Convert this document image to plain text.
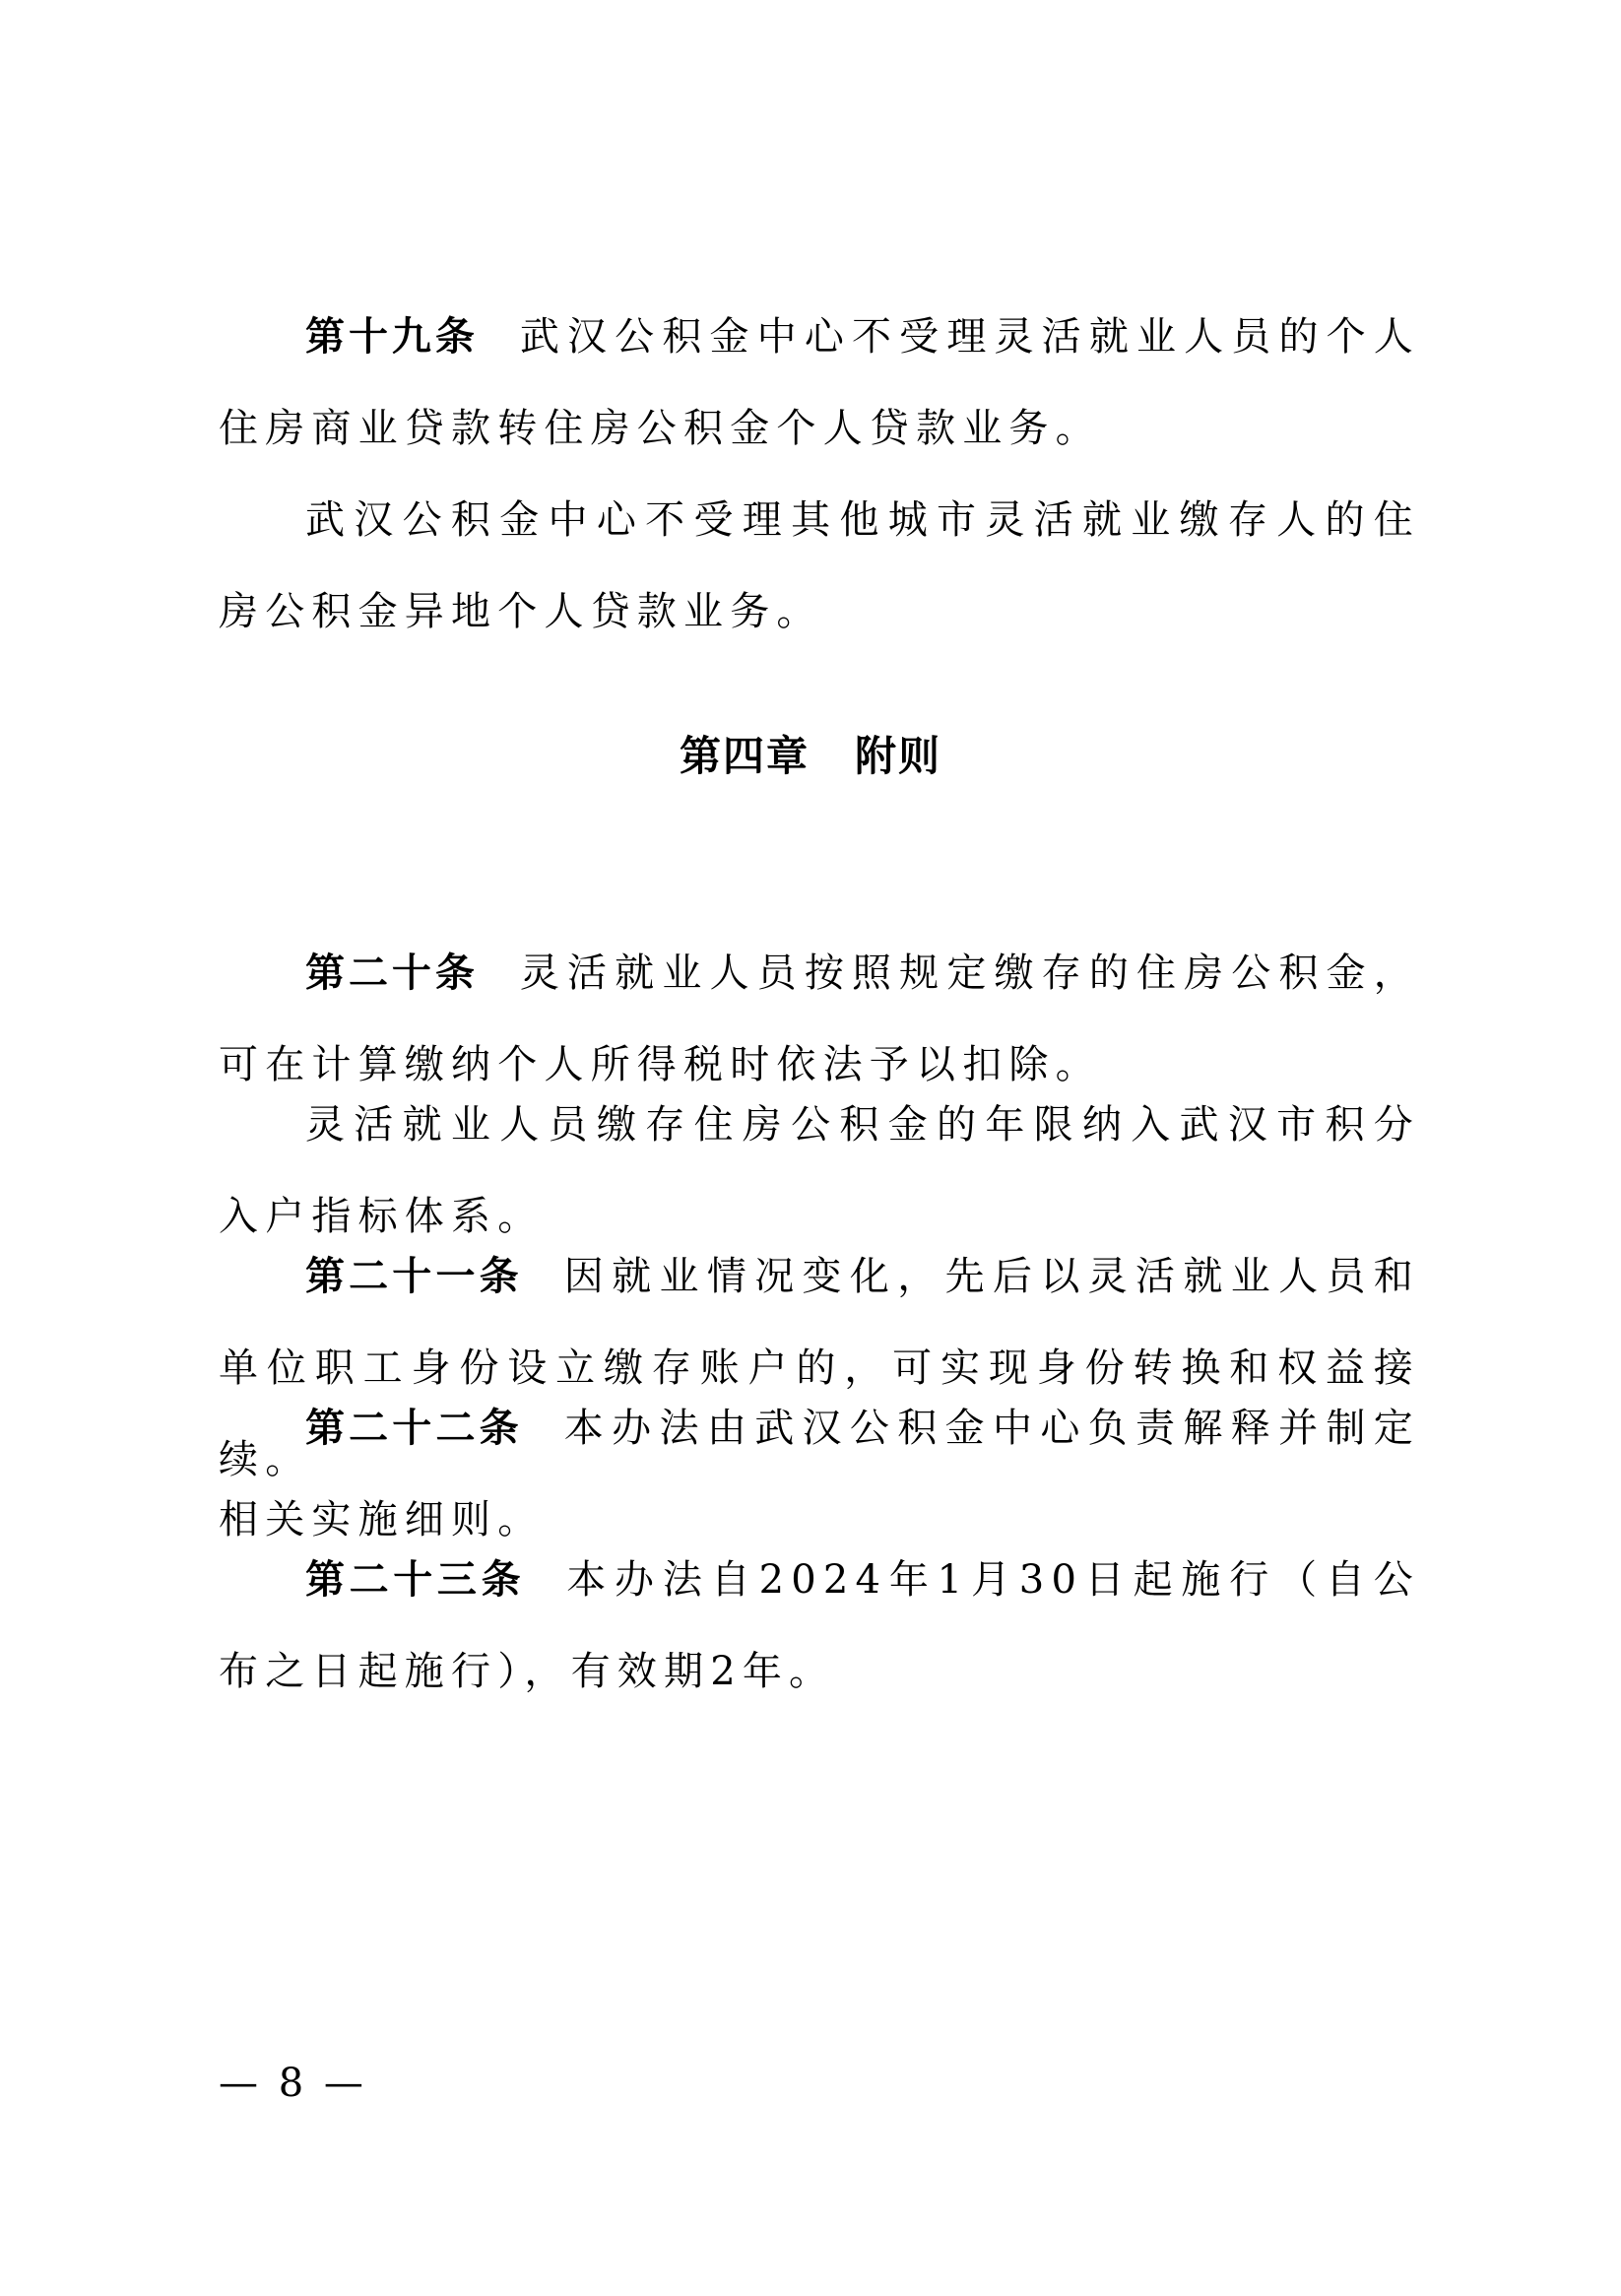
第十九条 武汉公积金中心不受理灵活就业人员的个人住房商业贷款转住房公积金个人贷款业务。

武汉公积金中心不受理其他城市灵活就业缴存人的住房公积金异地个人贷款业务。

第四章 附则

第二十条 灵活就业人员按照规定缴存的住房公积金，可在计算缴纳个人所得税时依法予以扣除。

灵活就业人员缴存住房公积金的年限纳入武汉市积分入户指标体系。

第二十一条 因就业情况变化，先后以灵活就业人员和单位职工身份设立缴存账户的，可实现身份转换和权益接续。

第二十二条 本办法由武汉公积金中心负责解释并制定相关实施细则。

第二十三条 本办法自2024年1月30日起施行（自公布之日起施行），有效期2年。

— 8 —
